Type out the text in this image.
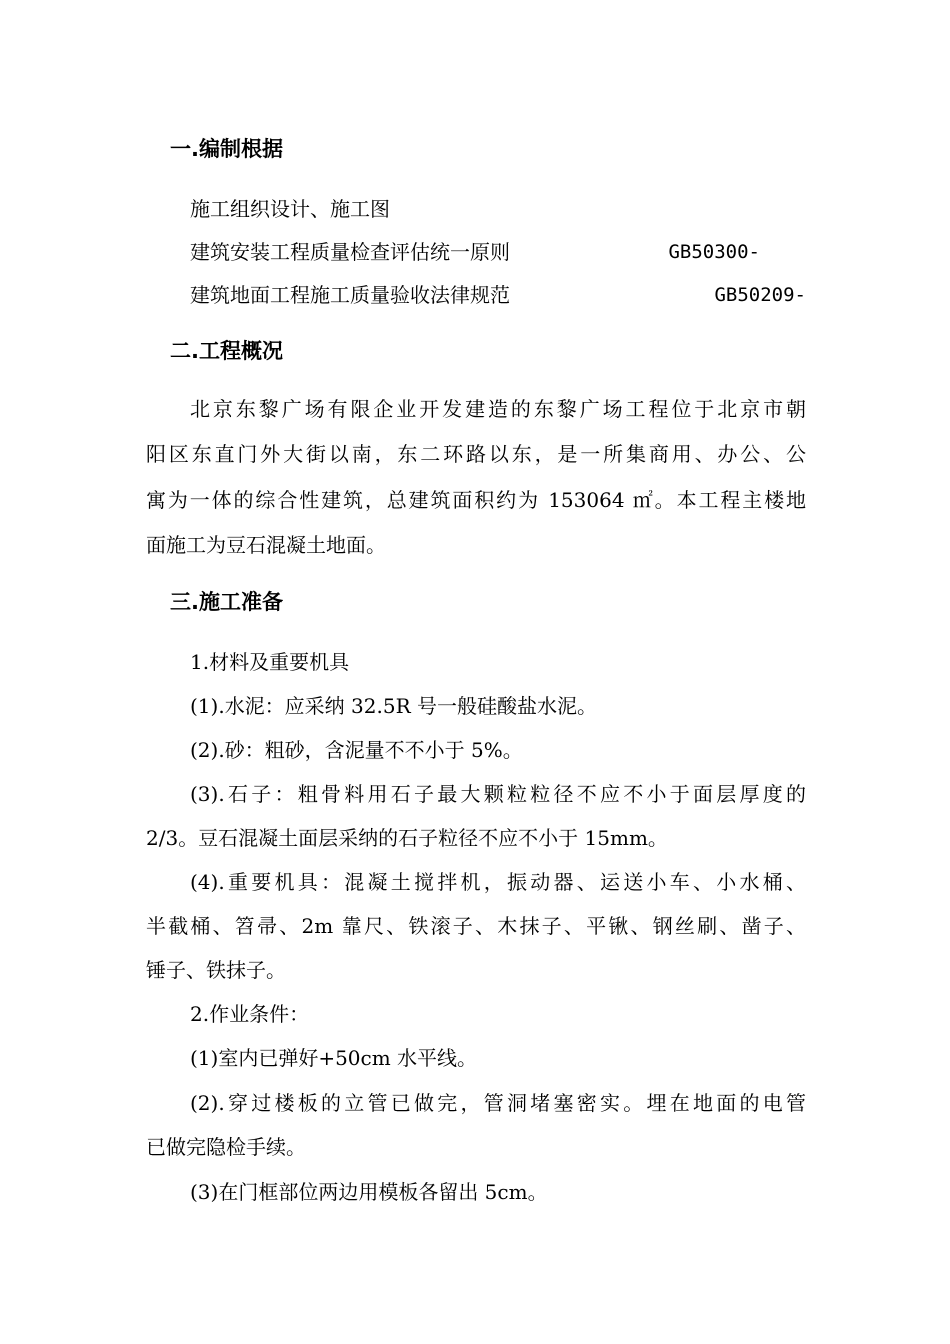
一.编制根据
施工组织设计、施工图
建筑安装工程质量检查评估统一原则	GB50300-
建筑地面工程施工质量验收法律规范	GB50209-
二.工程概况
北京东黎广场有限企业开发建造的东黎广场工程位于北京市朝
阳区东直门外大街以南，东二环路以东，是一所集商用、办公、公
寓为一体的综合性建筑，总建筑面积约为 153064 ㎡。本工程主楼地
面施工为豆石混凝土地面。
三.施工准备
1.材料及重要机具
(1).水泥：应采纳 32.5R 号一般硅酸盐水泥。
(2).砂：粗砂，含泥量不不小于 5%。
(3).石子：粗骨料用石子最大颗粒粒径不应不小于面层厚度的
2/3。豆石混凝土面层采纳的石子粒径不应不小于 15mm。
(4).重要机具：混凝土搅拌机，振动器、运送小车、小水桶、
半截桶、笤帚、2m 靠尺、铁滚子、木抹子、平锹、钢丝刷、凿子、
锤子、铁抹子。
2.作业条件：
(1)室内已弹好+50cm 水平线。
(2).穿过楼板的立管已做完，管洞堵塞密实。埋在地面的电管
已做完隐检手续。
(3)在门框部位两边用模板各留出 5cm。
